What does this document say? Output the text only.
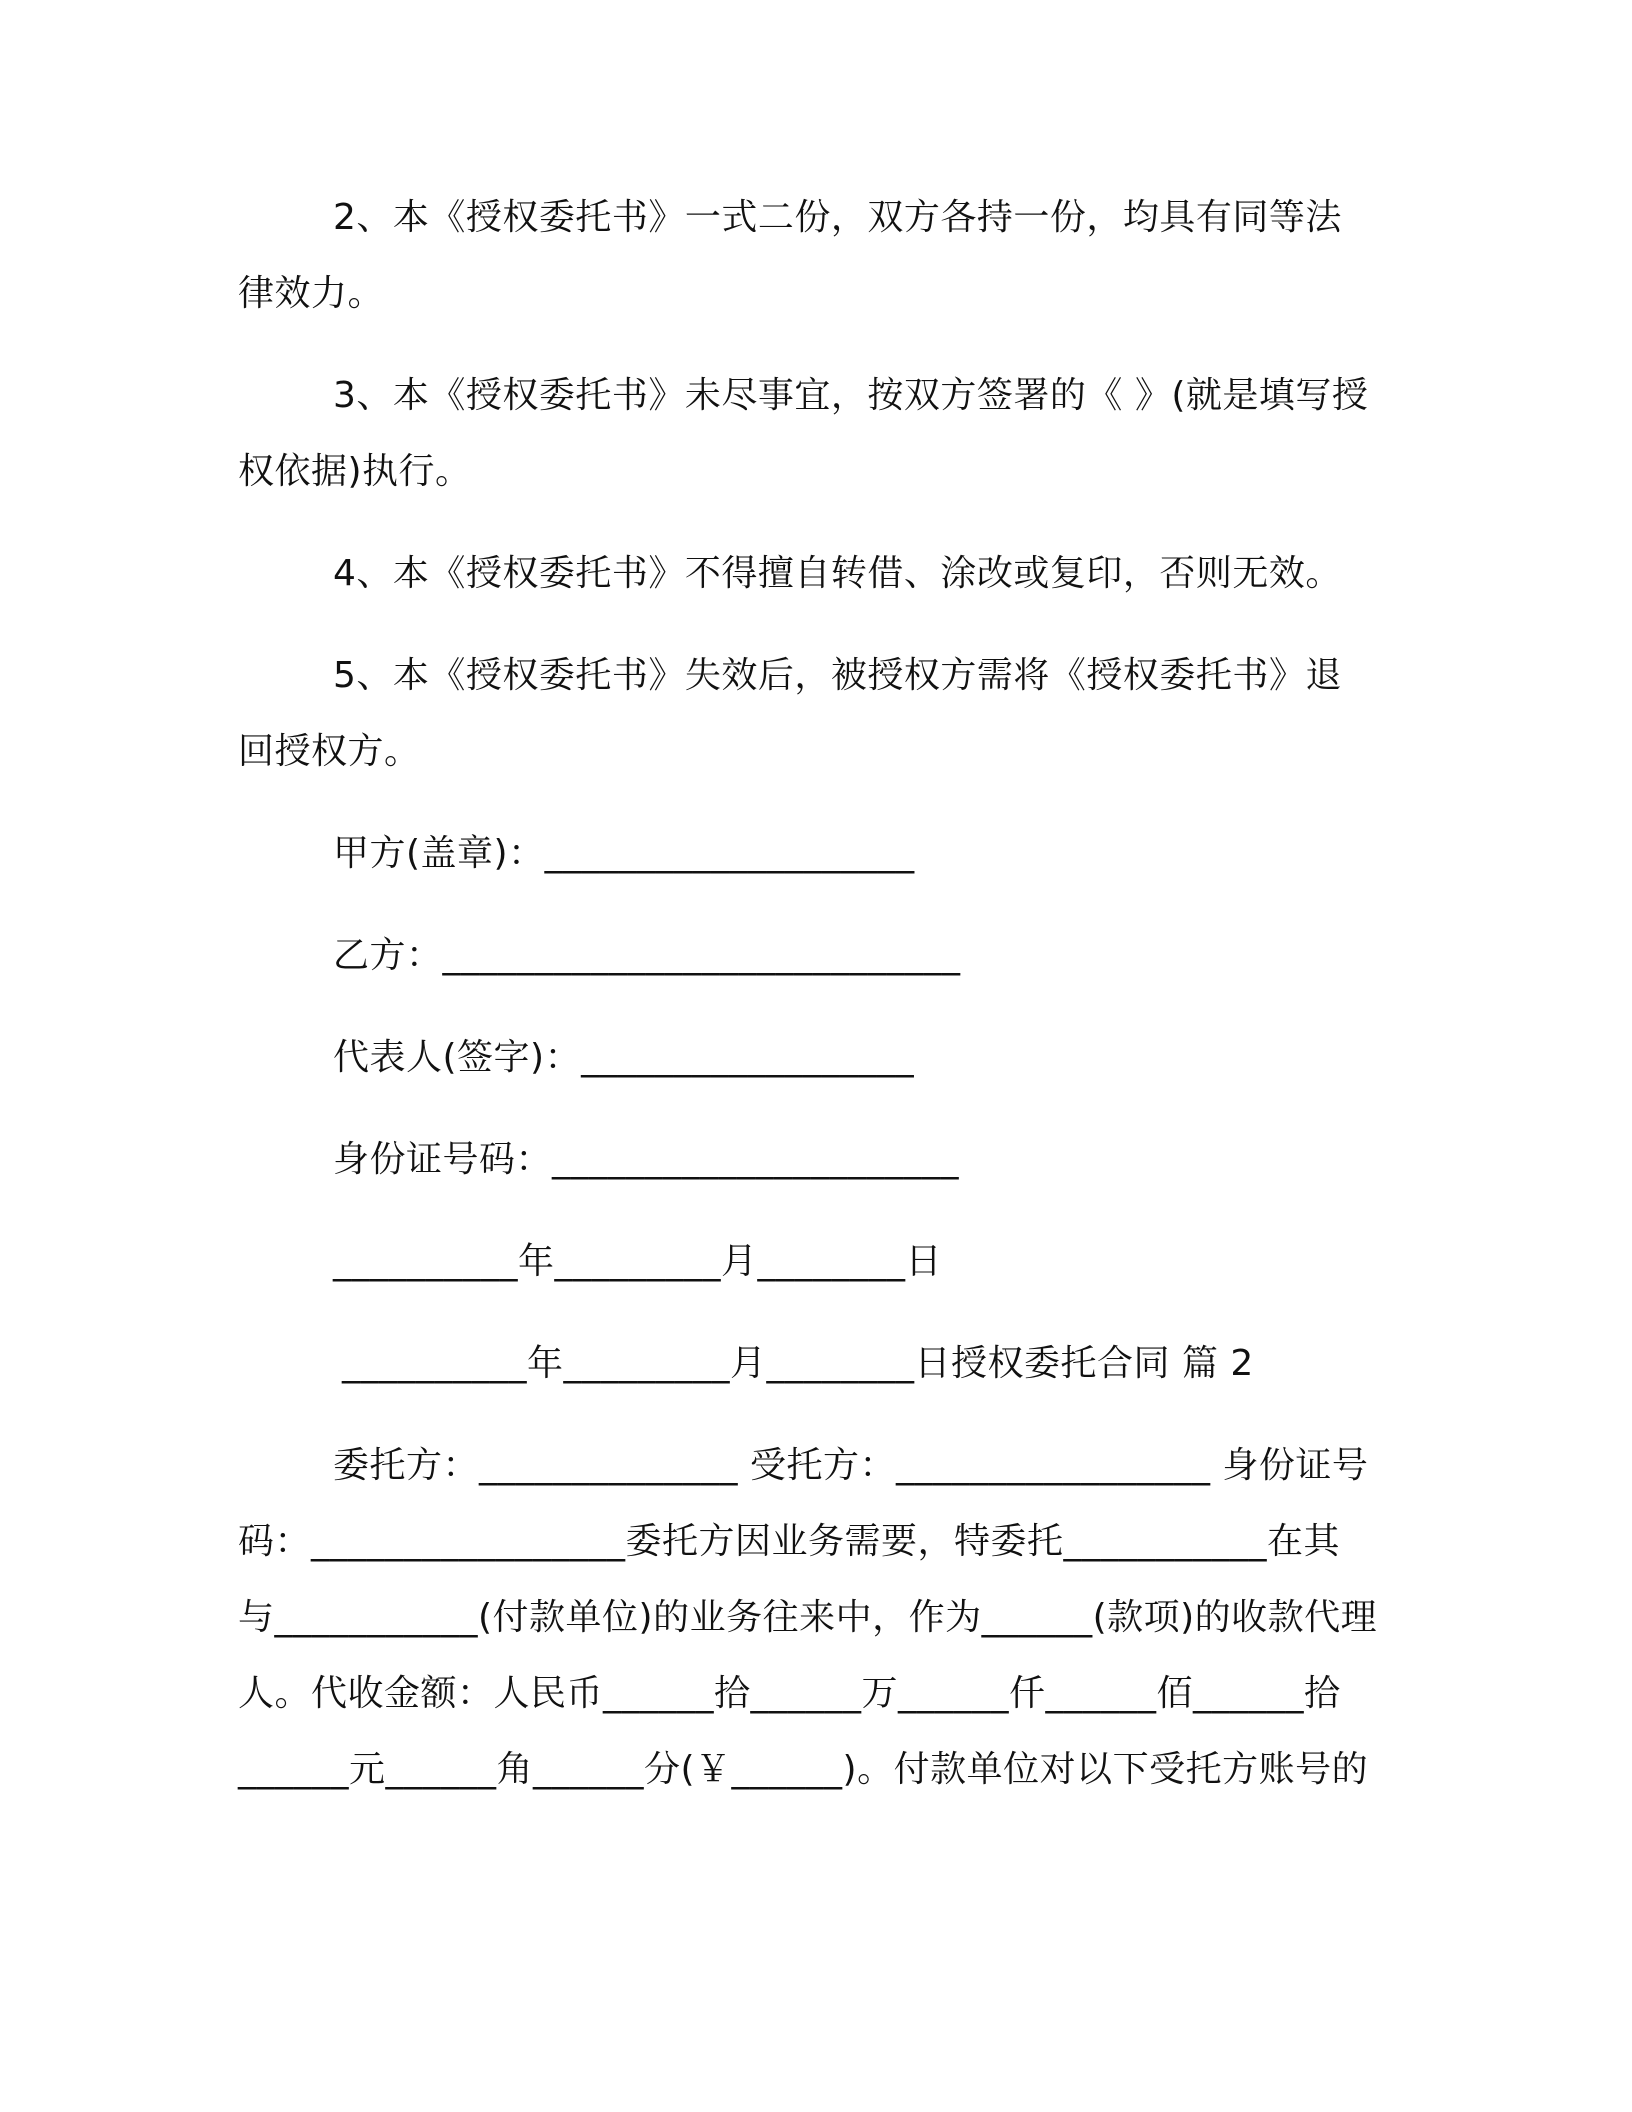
2、本《授权委托书》一式二份，双方各持一份，均具有同等法
律效力。
3、本《授权委托书》未尽事宜，按双方签署的《 》(就是填写授
权依据)执行。
4、本《授权委托书》不得擅自转借、涂改或复印，否则无效。
5、本《授权委托书》失效后，被授权方需将《授权委托书》退
回授权方。
甲方(盖章)：____________________
乙方：____________________________
代表人(签字)：__________________
身份证号码：______________________
__________年_________月________日
__________年_________月________日授权委托合同 篇 2
委托方：______________ 受托方：_________________ 身份证号
码：_________________委托方因业务需要，特委托___________在其
与___________(付款单位)的业务往来中，作为______(款项)的收款代理
人。代收金额：人民币______拾______万______仟______佰______拾
______元______角______分(￥______)。付款单位对以下受托方账号的
